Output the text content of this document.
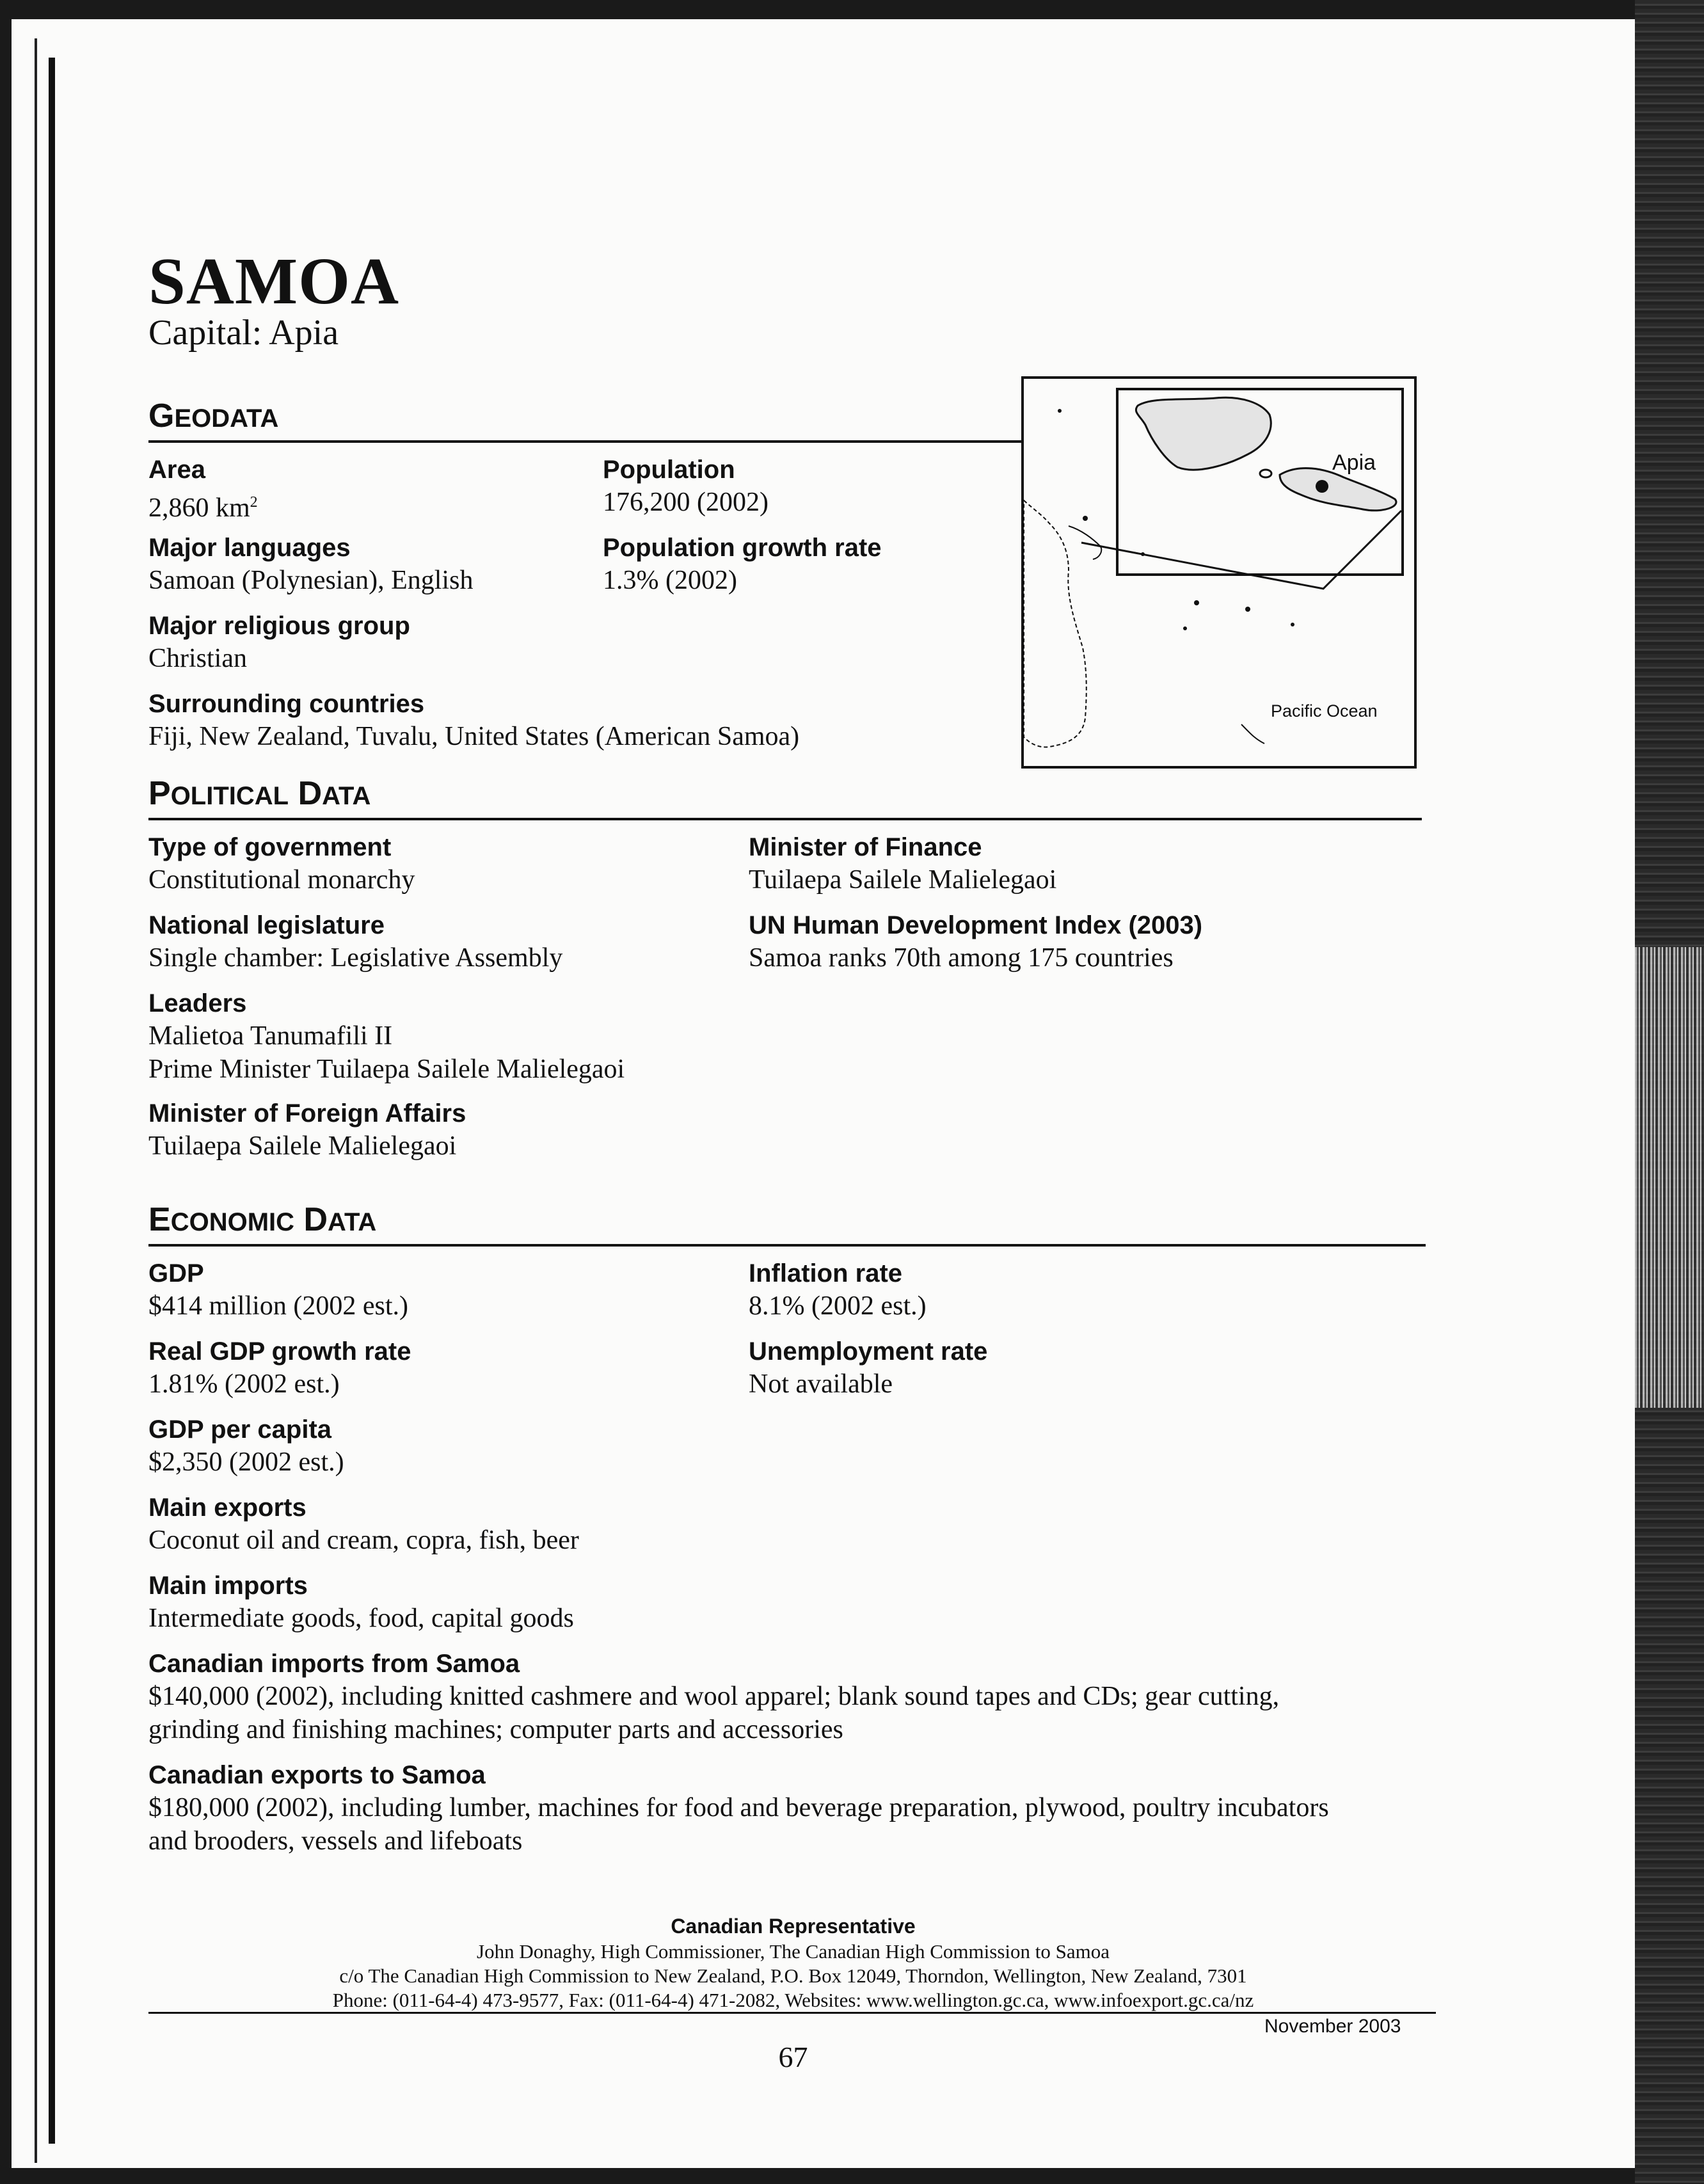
SAMOA
Capital: Apia
GEODATA
Area
2,860 $km^2$
Population
176,200 (2002)
Major languages
Samoan (Polynesian), English
Population growth rate
1.3% (2002)
Major religious group
Christian
Surrounding countries
Fiji, New Zealand, Tuvalu, United States (American Samoa)
Apia
Pacific Ocean
POLITICAL DATA
Type of government
Constitutional monarchy
National legislature
Single chamber: Legislative Assembly
Leaders
Malietoa Tanumafili II
Prime Minister Tuilaepa Sailele Malielegaoi
Minister of Foreign Affairs
Tuilaepa Sailele Malielegaoi
Minister of Finance
Tuilaepa Sailele Malielegaoi
UN Human Development Index (2003)
Samoa ranks 70th among 175 countries
ECONOMIC DATA
GDP
$414 million (2002 est.)
Real GDP growth rate
1.81% (2002 est.)
GDP per capita
$2,350 (2002 est.)
Main exports
Coconut oil and cream, copra, fish, beer
Main imports
Intermediate goods, food, capital goods
Canadian imports from Samoa
$140,000 (2002), including knitted cashmere and wool apparel; blank sound tapes and CDs; gear cutting,
grinding and finishing machines; computer parts and accessories
Canadian exports to Samoa
$180,000 (2002), including lumber, machines for food and beverage preparation, plywood, poultry incubators
and brooders, vessels and lifeboats
Inflation rate
8.1% (2002 est.)
Unemployment rate
Not available
Canadian Representative
John Donaghy, High Commissioner, The Canadian High Commission to Samoa
c/o The Canadian High Commission to New Zealand, P.O. Box 12049, Thorndon, Wellington, New Zealand, 7301
Phone: (011-64-4) 473-9577, Fax: (011-64-4) 471-2082, Websites: www.wellington.gc.ca, www.infoexport.gc.ca/nz
November 2003
67
